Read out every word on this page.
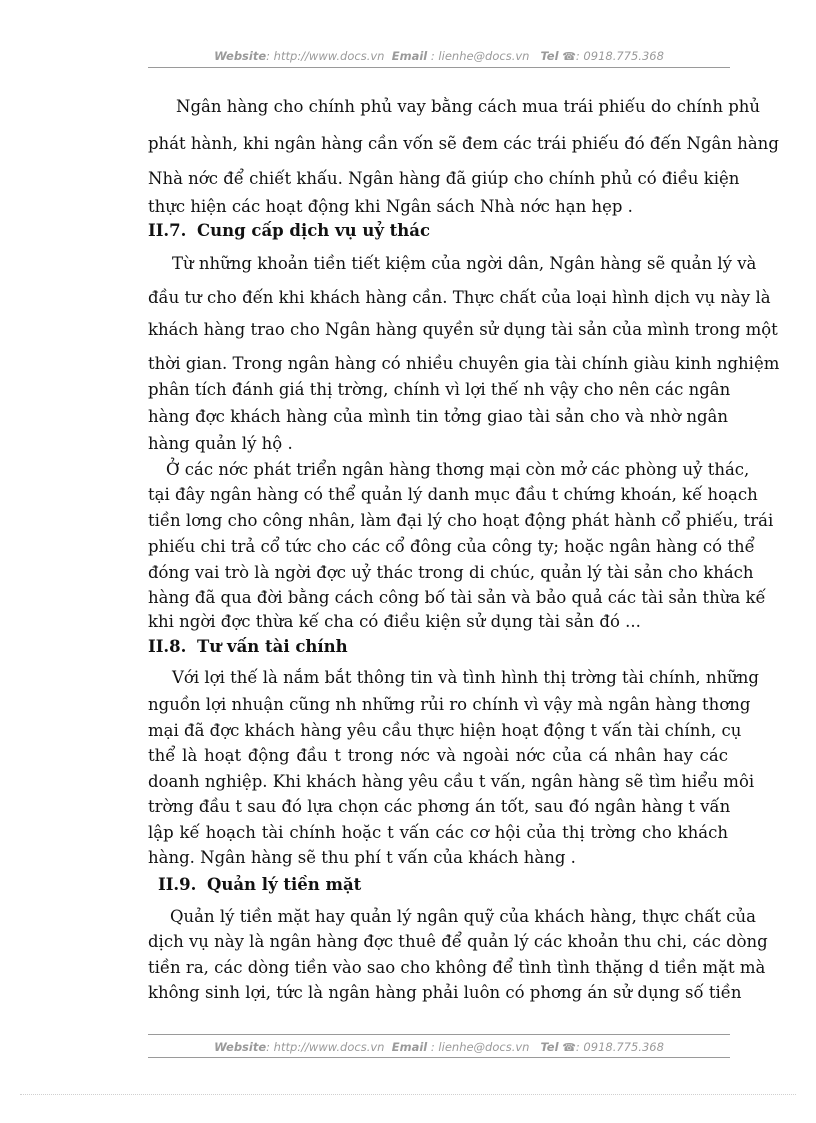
Website: http://www.docs.vn Email : lienhe@docs.vn Tel ☎: 0918.775.368
Ngân hàng cho chính phủ vay bằng cách mua trái phiếu do chính phủ
phát hành, khi ngân hàng cần vốn sẽ đem các trái phiếu đó đến Ngân hàng
Nhà nớc để chiết khấu. Ngân hàng đã giúp cho chính phủ có điều kiện
thực hiện các hoạt động khi Ngân sách Nhà nớc hạn hẹp .
II.7. Cung cấp dịch vụ uỷ thác
Từ những khoản tiền tiết kiệm của ngời dân, Ngân hàng sẽ quản lý và
đầu tư cho đến khi khách hàng cần. Thực chất của loại hình dịch vụ này là
khách hàng trao cho Ngân hàng quyền sử dụng tài sản của mình trong một
thời gian. Trong ngân hàng có nhiều chuyên gia tài chính giàu kinh nghiệm
phân tích đánh giá thị trờng, chính vì lợi thế nh vậy cho nên các ngân
hàng đợc khách hàng của mình tin tởng giao tài sản cho và nhờ ngân
hàng quản lý hộ .
Ở các nớc phát triển ngân hàng thơng mại còn mở các phòng uỷ thác,
tại đây ngân hàng có thể quản lý danh mục đầu t chứng khoán, kế hoạch
tiền lơng cho công nhân, làm đại lý cho hoạt động phát hành cổ phiếu, trái
phiếu chi trả cổ tức cho các cổ đông của công ty; hoặc ngân hàng có thể
đóng vai trò là ngời đợc uỷ thác trong di chúc, quản lý tài sản cho khách
hàng đã qua đời bằng cách công bố tài sản và bảo quả các tài sản thừa kế
khi ngời đợc thừa kế cha có điều kiện sử dụng tài sản đó ...
II.8. Tư vấn tài chính
Với lợi thế là nắm bắt thông tin và tình hình thị trờng tài chính, những
nguồn lợi nhuận cũng nh những rủi ro chính vì vậy mà ngân hàng thơng
mại đã đợc khách hàng yêu cầu thực hiện hoạt động t vấn tài chính, cụ
thể là hoạt động đầu t trong nớc và ngoài nớc của cá nhân hay các
doanh nghiệp. Khi khách hàng yêu cầu t vấn, ngân hàng sẽ tìm hiểu môi
trờng đầu t sau đó lựa chọn các phơng án tốt, sau đó ngân hàng t vấn
lập kế hoạch tài chính hoặc t vấn các cơ hội của thị trờng cho khách
hàng. Ngân hàng sẽ thu phí t vấn của khách hàng .
II.9. Quản lý tiền mặt
Quản lý tiền mặt hay quản lý ngân quỹ của khách hàng, thực chất của
dịch vụ này là ngân hàng đợc thuê để quản lý các khoản thu chi, các dòng
tiền ra, các dòng tiền vào sao cho không để tình tình thặng d tiền mặt mà
không sinh lợi, tức là ngân hàng phải luôn có phơng án sử dụng số tiền
Website: http://www.docs.vn Email : lienhe@docs.vn Tel ☎: 0918.775.368
